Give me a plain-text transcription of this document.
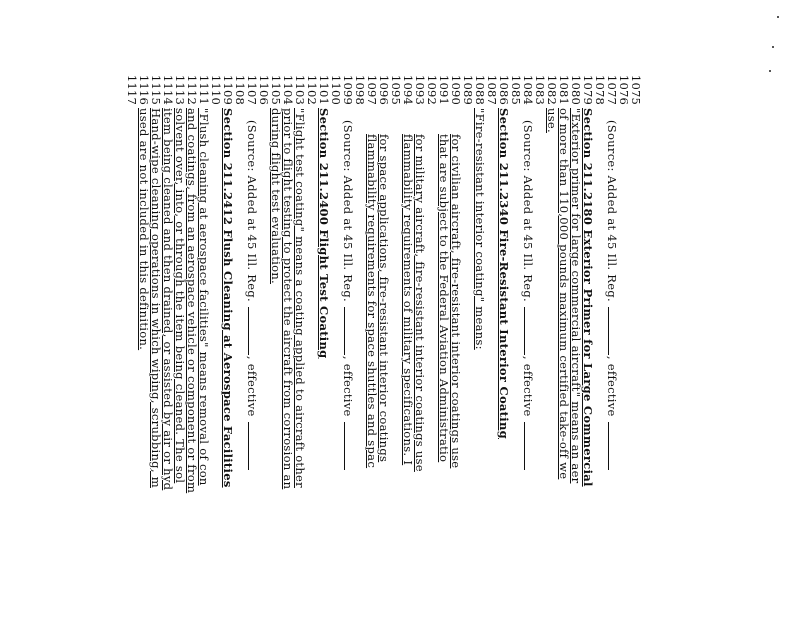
1075
1076
1077
1078
1079
1080
1081
1082
1083
1084
1085
1086
1087
1088
1089
1090
1091
1092
1093
1094
1095
1096
1097
1098
1099
1100
1101
1102
1103
1104
1105
1106
1107
1108
1109
1110
1111
1112
1113
1114
1115
1116
1117
(Source: Added at 45 Ill. Reg. , effective
Section 211.2180 Exterior Primer for Large Commercial
"Exterior primer for large commercial aircraft" means an aer
of more than 110,000 pounds maximum certified take-off we
use.
(Source: Added at 45 Ill. Reg. , effective
Section 211.2340 Fire-Resistant Interior Coating
"Fire-resistant interior coating" means:
for civilian aircraft, fire-resistant interior coatings use
that are subject to the Federal Aviation Administratio
for military aircraft, fire-resistant interior coatings use
flammability requirements of military specifications. I
for space applications, fire-resistant interior coatings
flammability requirements for space shuttles and spac
(Source: Added at 45 Ill. Reg. , effective
Section 211.2400 Flight Test Coating
"Flight test coating" means a coating applied to aircraft other
prior to flight testing to protect the aircraft from corrosion an
during flight test evaluation.
(Source: Added at 45 Ill. Reg. , effective
Section 211.2412 Flush Cleaning at Aerospace Facilities
"Flush cleaning at aerospace facilities" means removal of con
and coatings, from an aerospace vehicle or component or from
solvent over, into, or through the item being cleaned. The sol
item being cleaned and then drained, or assisted by air or hyd
Hand-wipe cleaning operations in which wiping, scrubbing, m
used are not included in this definition.
